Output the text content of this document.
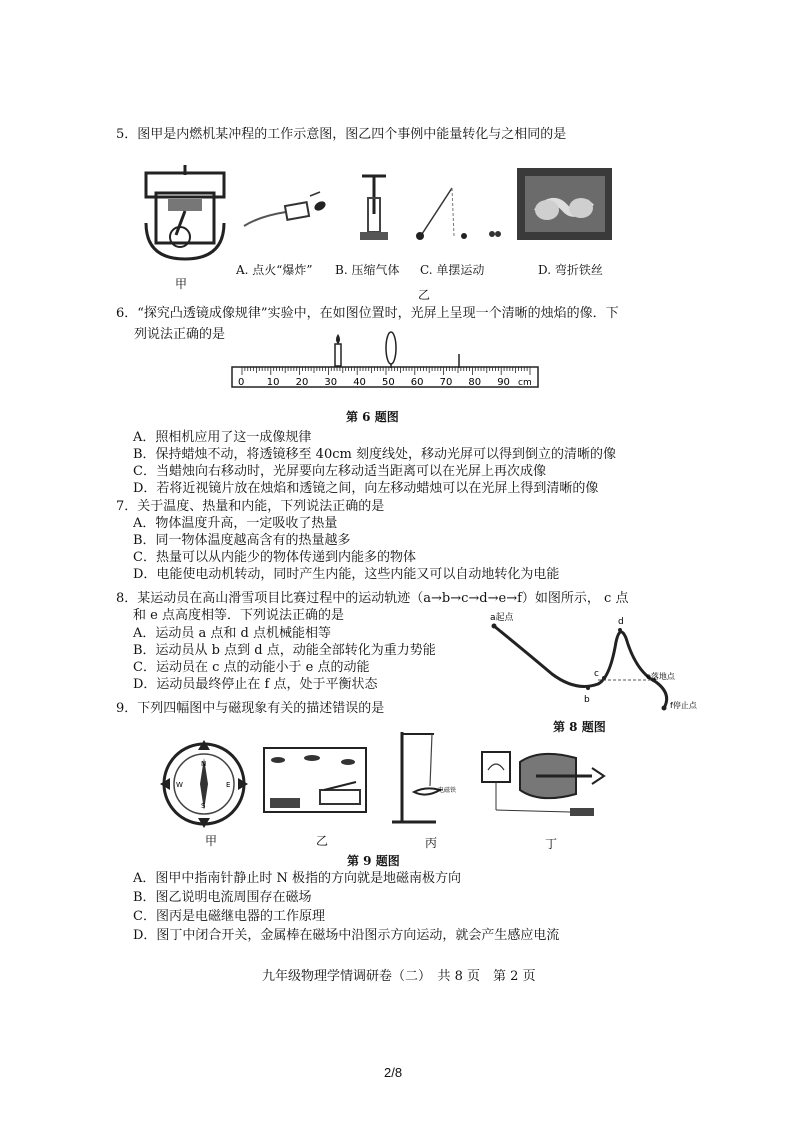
5．图甲是内燃机某冲程的工作示意图，图乙四个事例中能量转化与之相同的是
甲
A. 点火“爆炸” B. 压缩气体 C. 单摆运动	D. 弯折铁丝
乙
6．“探究凸透镜成像规律”实验中，在如图位置时，光屏上呈现一个清晰的烛焰的像．下
列说法正确的是
0 10 20 30 40 50 60 70 80 90 cm
第 6 题图
A．照相机应用了这一成像规律
B．保持蜡烛不动，将透镜移至 40cm 刻度线处，移动光屏可以得到倒立的清晰的像
C．当蜡烛向右移动时，光屏要向左移动适当距离可以在光屏上再次成像
D．若将近视镜片放在烛焰和透镜之间，向左移动蜡烛可以在光屏上得到清晰的像
7．关于温度、热量和内能，下列说法正确的是
A．物体温度升高，一定吸收了热量
B．同一物体温度越高含有的热量越多
C．热量可以从内能少的物体传递到内能多的物体
D．电能使电动机转动，同时产生内能，这些内能又可以自动地转化为电能
8．某运动员在高山滑雪项目比赛过程中的运动轨迹（a→b→c→d→e→f）如图所示， c 点
和 e 点高度相等．下列说法正确的是
A．运动员 a 点和 d 点机械能相等
B．运动员从 b 点到 d 点，动能全部转化为重力势能
C．运动员在 c 点的动能小于 e 点的动能
D．运动员最终停止在 f 点，处于平衡状态
a起点
b
c
d
e落地点
f停止点
第 8 题图
9．下列四幅图中与磁现象有关的描述错误的是
N
S
W	E
电磁铁
甲	乙	丙	丁
第 9 题图
A．图甲中指南针静止时 N 极指的方向就是地磁南极方向
B．图乙说明电流周围存在磁场
C．图丙是电磁继电器的工作原理
D．图丁中闭合开关，金属棒在磁场中沿图示方向运动，就会产生感应电流
九年级物理学情调研卷（二）　共 8 页　第 2 页
2/8
